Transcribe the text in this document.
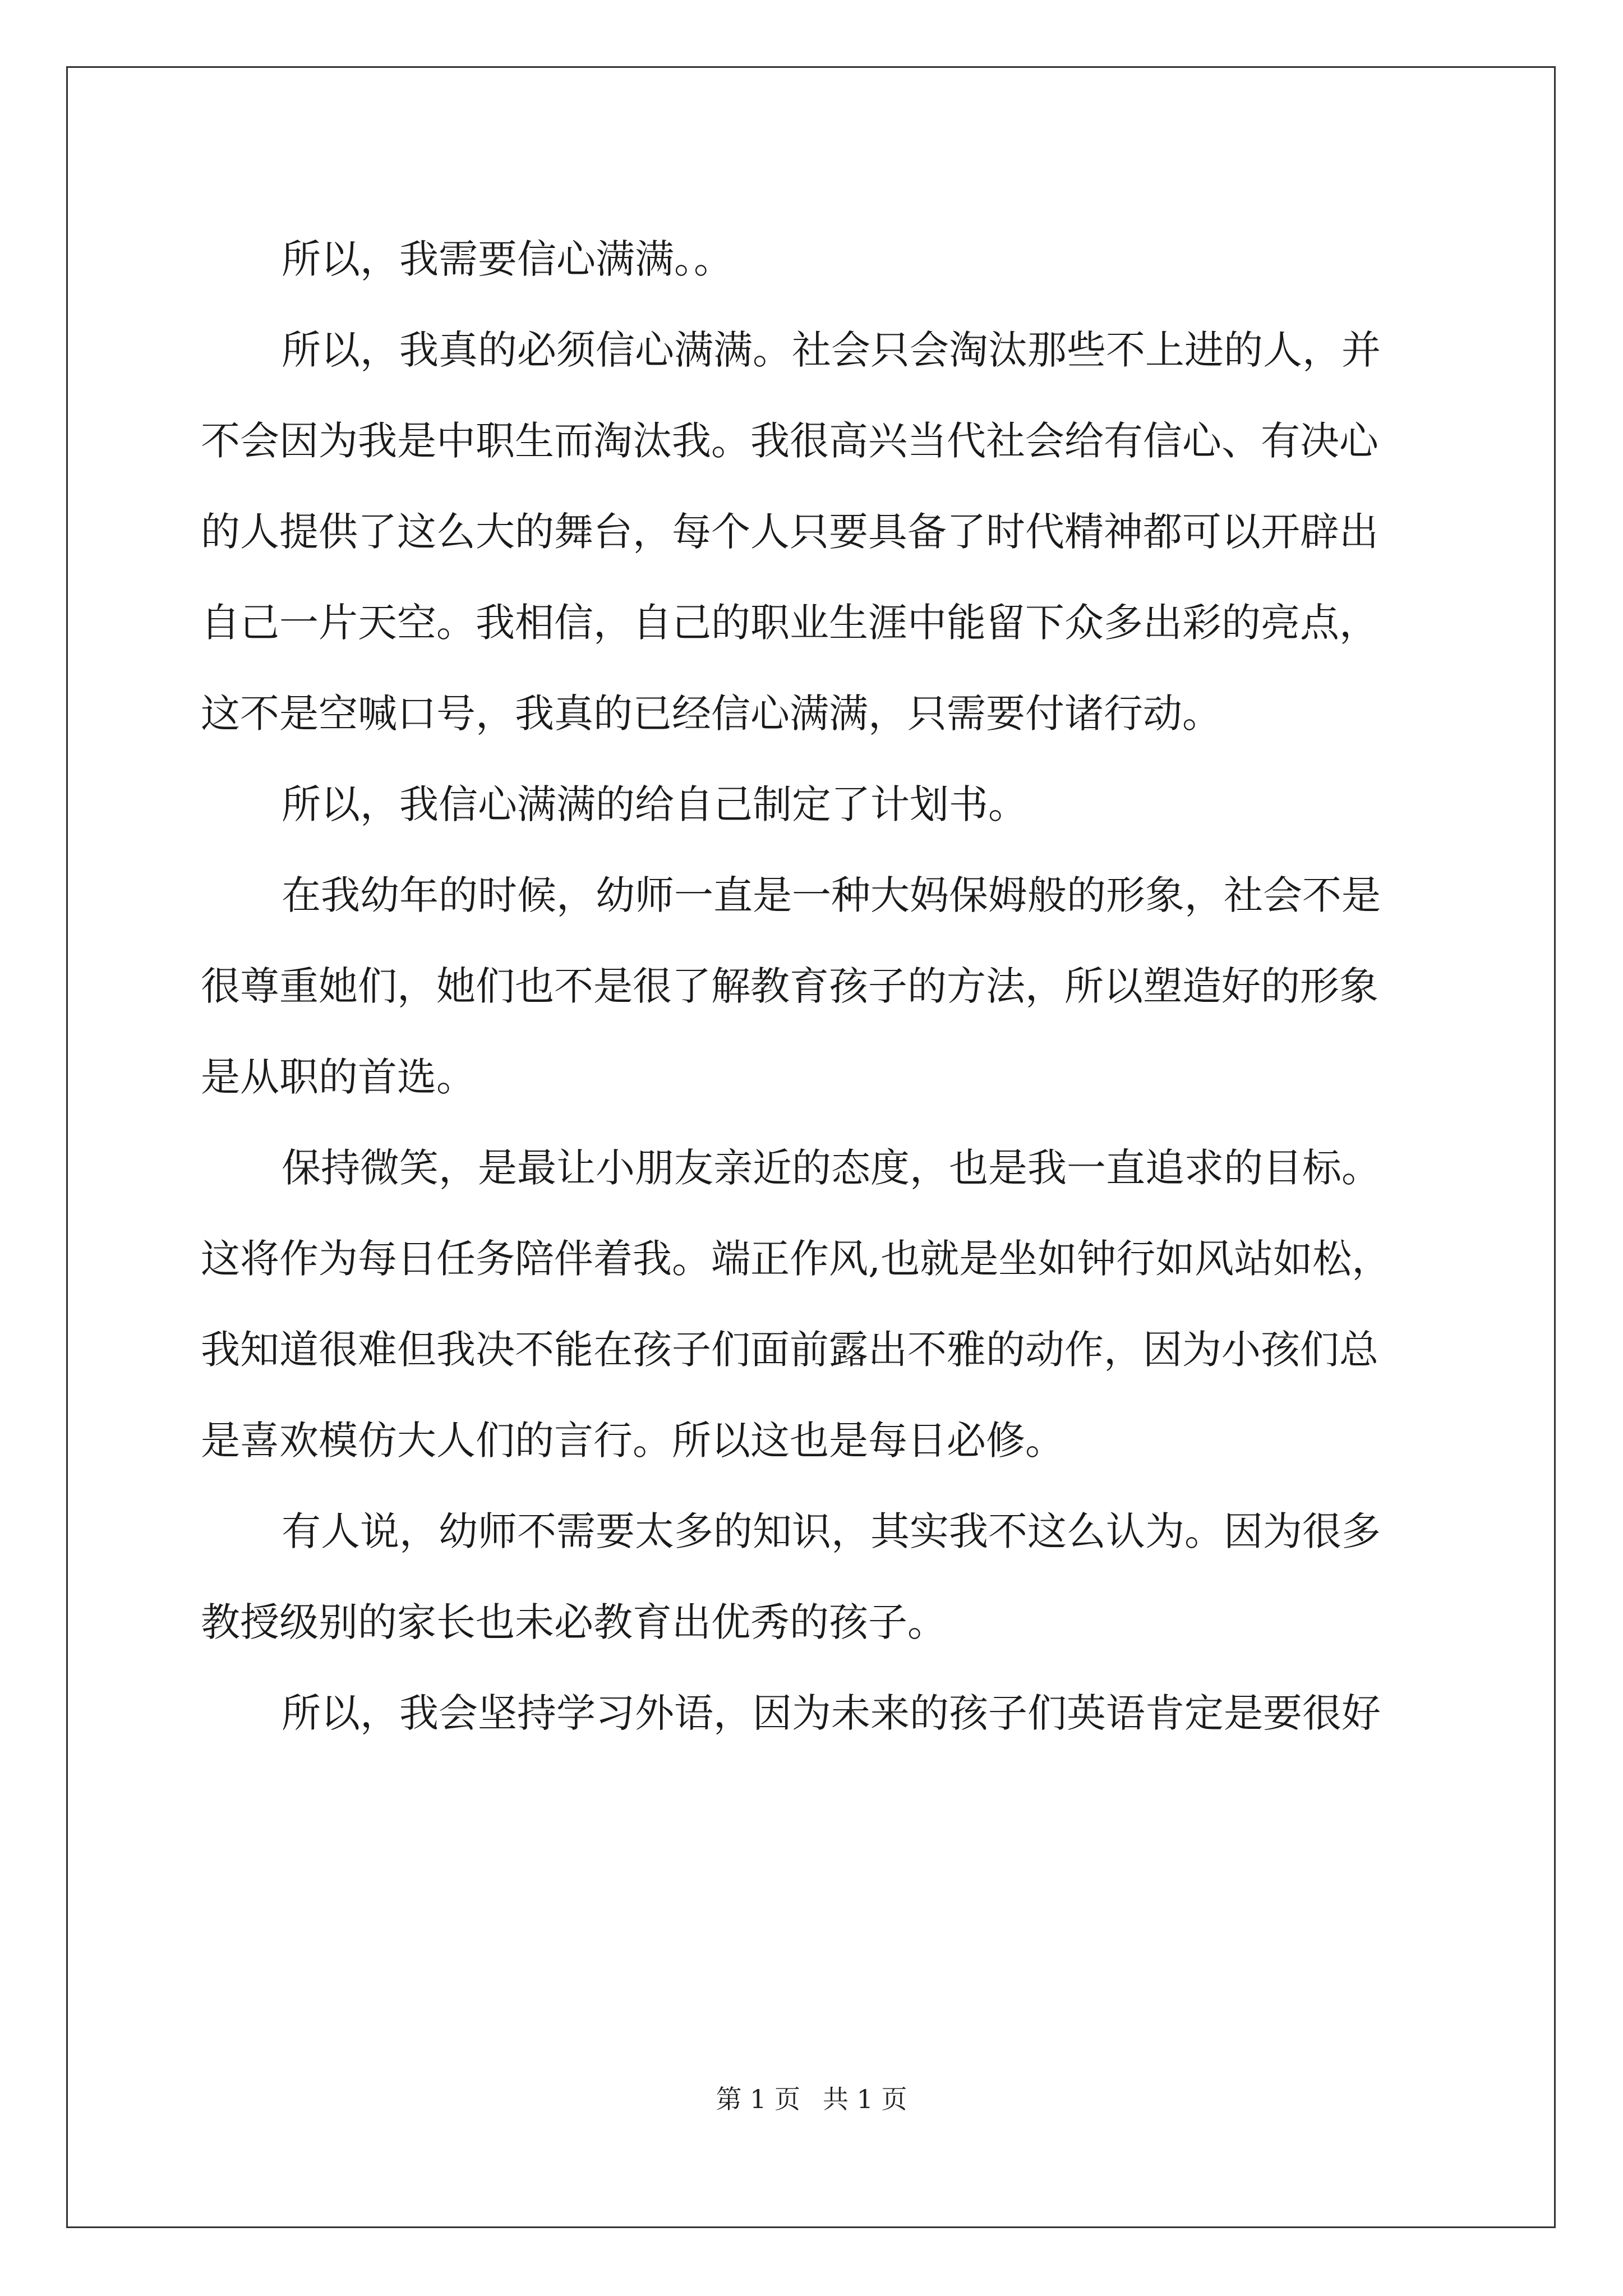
所以，我需要信心满满。。
所以，我真的必须信心满满。社会只会淘汰那些不上进的人，并
不会因为我是中职生而淘汰我。我很高兴当代社会给有信心、有决心
的人提供了这么大的舞台，每个人只要具备了时代精神都可以开辟出
自己一片天空。我相信，自己的职业生涯中能留下众多出彩的亮点，
这不是空喊口号，我真的已经信心满满，只需要付诸行动。
所以，我信心满满的给自己制定了计划书。
在我幼年的时候，幼师一直是一种大妈保姆般的形象，社会不是
很尊重她们，她们也不是很了解教育孩子的方法，所以塑造好的形象
是从职的首选。
保持微笑，是最让小朋友亲近的态度，也是我一直追求的目标。
这将作为每日任务陪伴着我。端正作风,也就是坐如钟行如风站如松，
我知道很难但我决不能在孩子们面前露出不雅的动作，因为小孩们总
是喜欢模仿大人们的言行。所以这也是每日必修。
有人说，幼师不需要太多的知识，其实我不这么认为。因为很多
教授级别的家长也未必教育出优秀的孩子。
所以，我会坚持学习外语，因为未来的孩子们英语肯定是要很好
第 1 页 共 1 页
